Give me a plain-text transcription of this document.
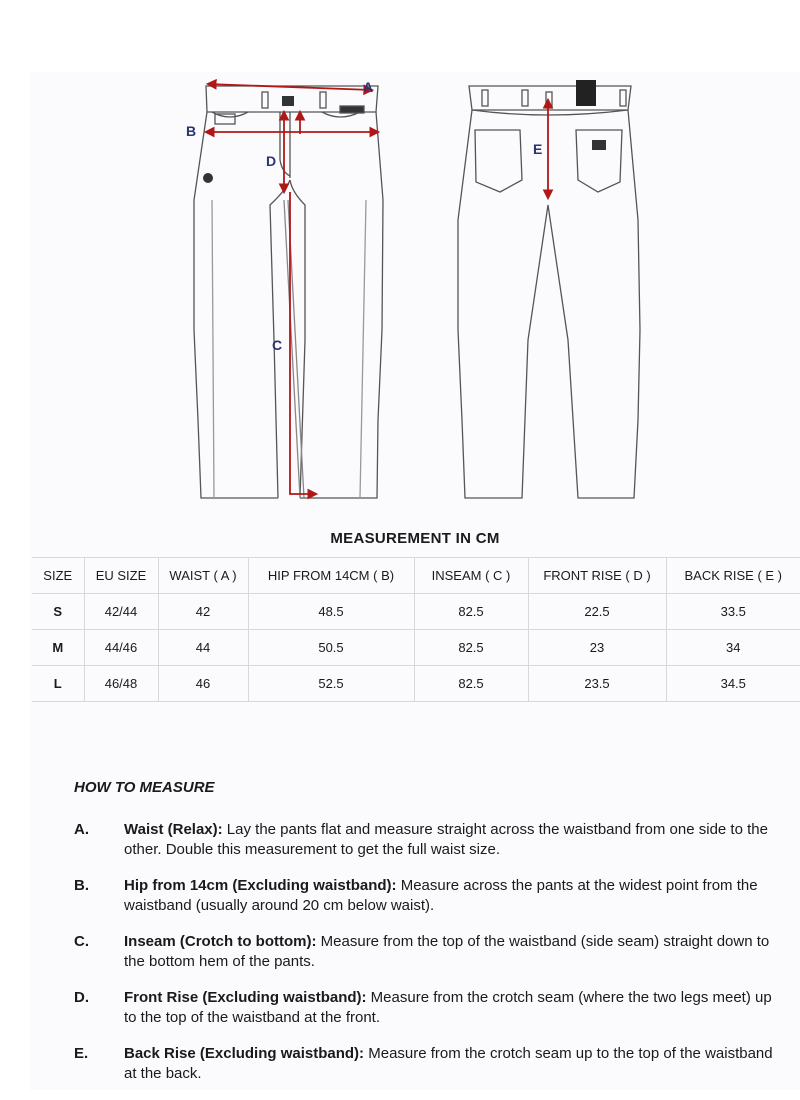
A
B
D
C
E
MEASUREMENT IN CM
SIZE	EU SIZE	WAIST ( A )	HIP FROM 14CM ( B)	INSEAM ( C )	FRONT RISE ( D )	BACK RISE ( E )
S	42/44	42	48.5	82.5	22.5	33.5
M	44/46	44	50.5	82.5	23	34
L	46/48	46	52.5	82.5	23.5	34.5
HOW TO MEASURE
A. Waist (Relax): Lay the pants flat and measure straight across the waistband from one side to the other. Double this measurement to get the full waist size.
B. Hip from 14cm (Excluding waistband): Measure across the pants at the widest point from the waistband (usually around 20 cm below waist).
C. Inseam (Crotch to bottom): Measure from the top of the waistband (side seam) straight down to the bottom hem of the pants.
D. Front Rise (Excluding waistband): Measure from the crotch seam (where the two legs meet) up to the top of the waistband at the front.
E. Back Rise (Excluding waistband): Measure from the crotch seam up to the top of the waistband at the back.
